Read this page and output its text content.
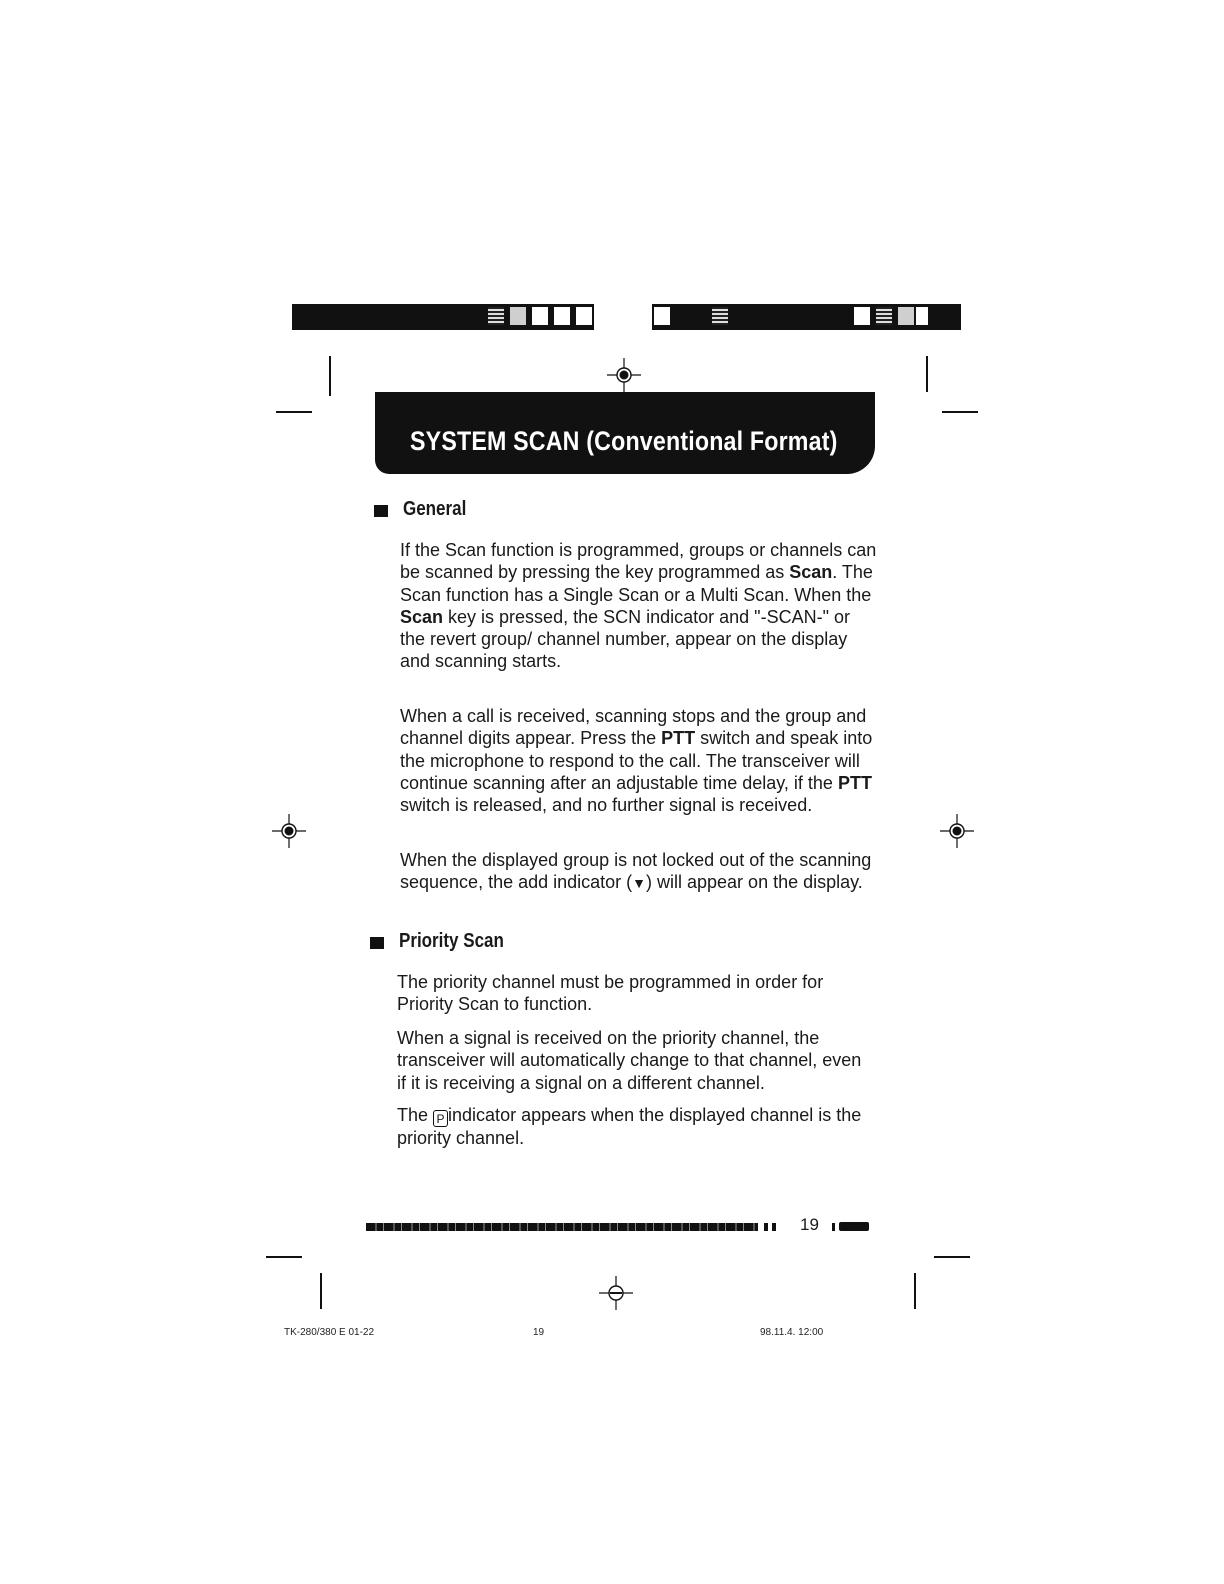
SYSTEM SCAN (Conventional Format)
General
If the Scan function is programmed, groups or channels can be scanned by pressing the key programmed as Scan. The Scan function has a Single Scan or a Multi Scan. When the Scan key is pressed, the SCN indicator and "-SCAN-" or the revert group/ channel number, appear on the display and scanning starts.
When a call is received, scanning stops and the group and channel digits appear. Press the PTT switch and speak into the microphone to respond to the call. The transceiver will continue scanning after an adjustable time delay, if the PTT switch is released, and no further signal is received.
When the displayed group is not locked out of the scanning sequence, the add indicator (▼) will appear on the display.
Priority Scan
The priority channel must be programmed in order for Priority Scan to function.
When a signal is received on the priority channel, the transceiver will automatically change to that channel, even if it is receiving a signal on a different channel.
The P indicator appears when the displayed channel is the priority channel.
19
TK-280/380 E 01-22	19	98.11.4. 12:00
